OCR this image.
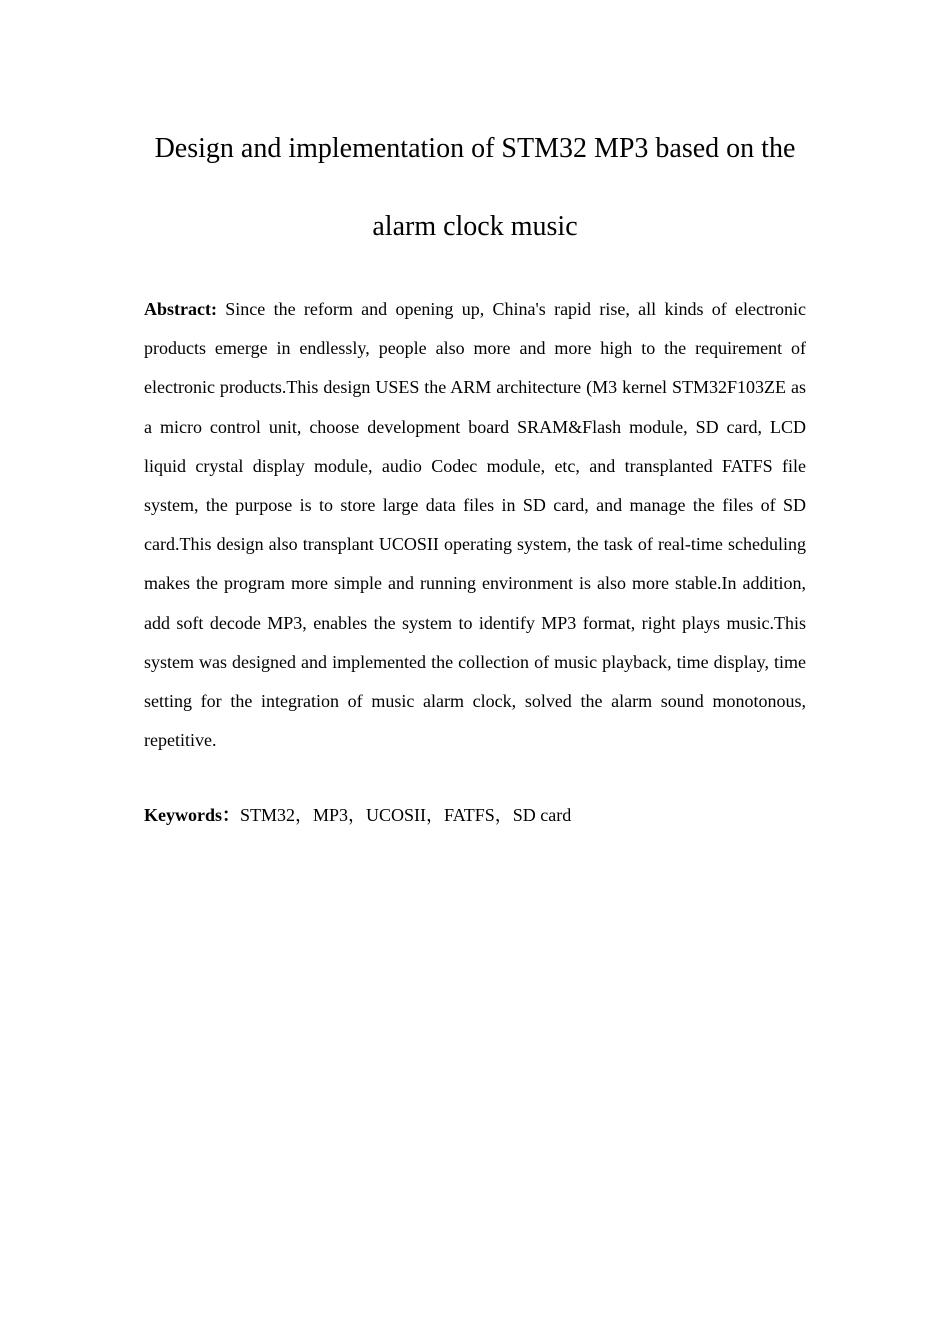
Design and implementation of STM32 MP3 based on the
alarm clock music

Abstract: Since the reform and opening up, China's rapid rise, all kinds of electronic products emerge in endlessly, people also more and more high to the requirement of electronic products.This design USES the ARM architecture (M3 kernel STM32F103ZE as a micro control unit, choose development board SRAM&Flash module, SD card, LCD liquid crystal display module, audio Codec module, etc, and transplanted FATFS file system, the purpose is to store large data files in SD card, and manage the files of SD card.This design also transplant UCOSII operating system, the task of real-time scheduling makes the program more simple and running environment is also more stable.In addition, add soft decode MP3, enables the system to identify MP3 format, right plays music.This system was designed and implemented the collection of music playback, time display, time setting for the integration of music alarm clock, solved the alarm sound monotonous, repetitive.

Keywords：STM32，MP3，UCOSII，FATFS，SD card
